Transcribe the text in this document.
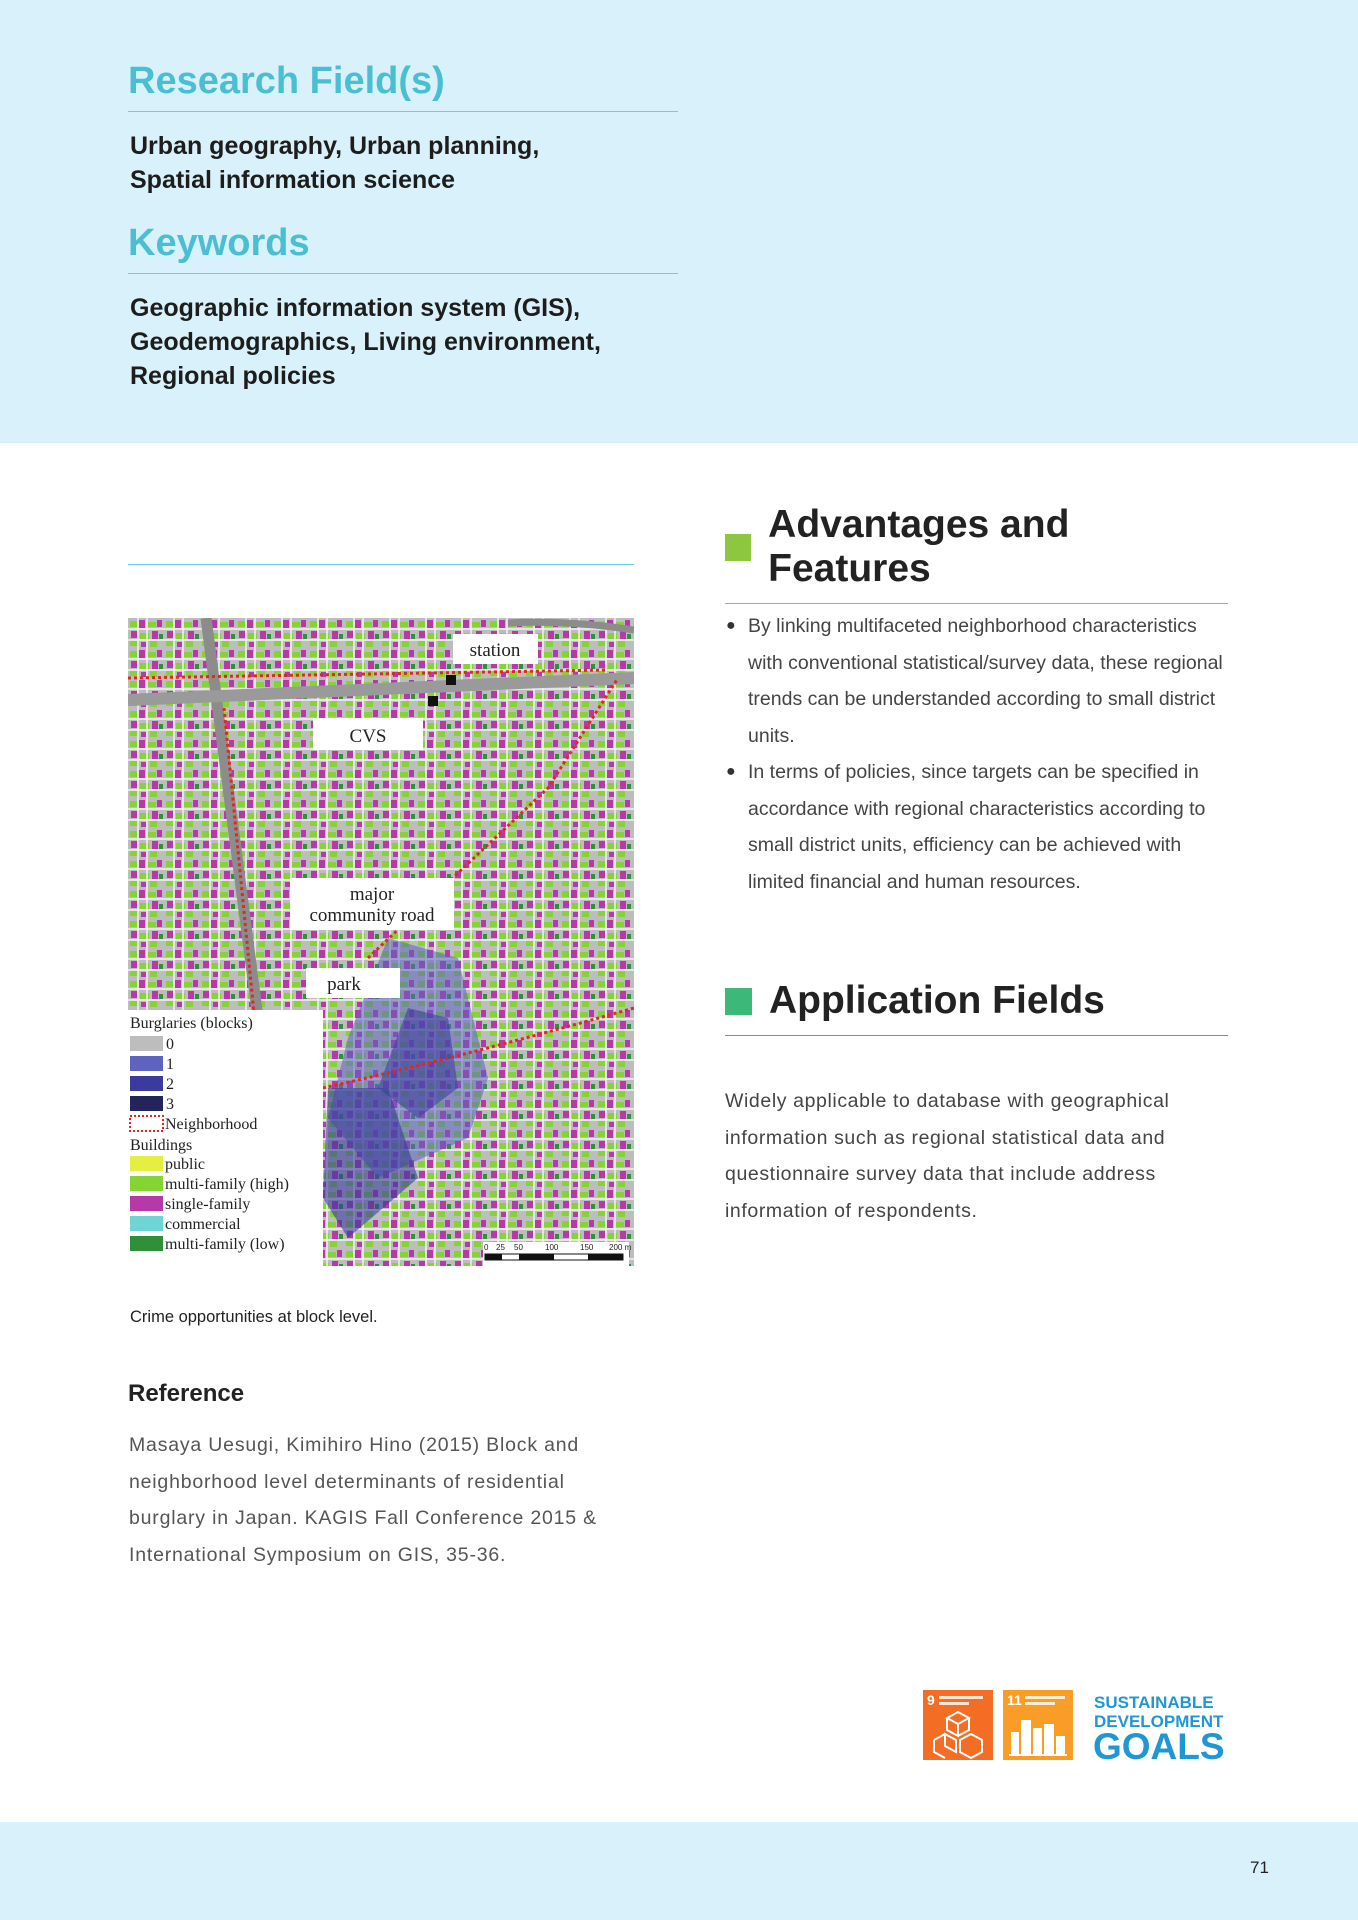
Research Field(s)
Urban geography, Urban planning,
Spatial information science
Keywords
Geographic information system (GIS),
Geodemographics, Living environment,
Regional policies
station
CVS
major
community road
park
Burglaries (blocks)
0
1
2
3
Neighborhood
Buildings
public
multi-family (high)
single-family
commercial
multi-family (low)	0 25 50	100	150 200 m
Crime opportunities at block level.
Reference
Masaya Uesugi, Kimihiro Hino (2015) Block and neighborhood level determinants of residential burglary in Japan. KAGIS Fall Conference 2015 & International Symposium on GIS, 35-36.
Advantages and Features
● By linking multifaceted neighborhood characteristics with conventional statistical/survey data, these regional trends can be understanded according to small district units.
● In terms of policies, since targets can be specified in accordance with regional characteristics according to small district units, efficiency can be achieved with limited financial and human resources.
Application Fields
Widely applicable to database with geographical information such as regional statistical data and questionnaire survey data that include address information of respondents.
9	11	SUSTAINABLE
DEVELOPMENT
GOALS
71
